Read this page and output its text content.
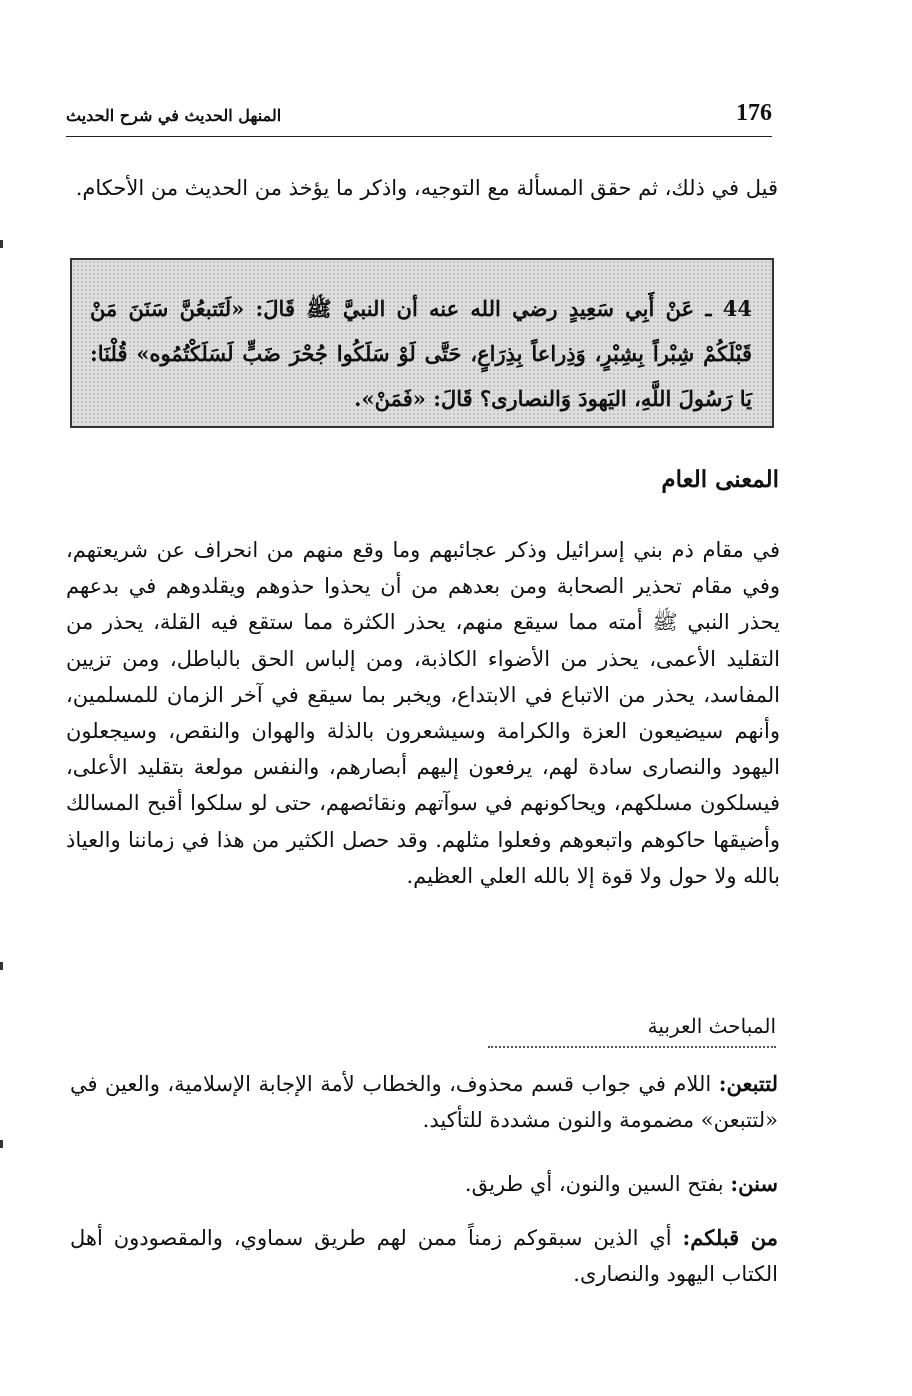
176
المنهل الحديث في شرح الحديث

قيل في ذلك، ثم حقق المسألة مع التوجيه، واذكر ما يؤخذ من الحديث من الأحكام.

44 ـ عَنْ أَبِي سَعِيدٍ رضي الله عنه أن النبيَّ ﷺ قَالَ: «لَتَتبعُنَّ سَنَنَ مَنْ قَبْلَكُمْ شِبْراً بِشِبْرٍ، وَذِراعاً بِذِرَاعٍ، حَتَّى لَوْ سَلَكُوا جُحْرَ ضَبٍّ لَسَلَكْتُمُوه» قُلْنَا: يَا رَسُولَ اللَّهِ، اليَهودَ وَالنصارى؟ قَالَ: «فَمَنْ».

المعنى العام

في مقام ذم بني إسرائيل وذكر عجائبهم وما وقع منهم من انحراف عن شريعتهم، وفي مقام تحذير الصحابة ومن بعدهم من أن يحذوا حذوهم ويقلدوهم في بدعهم يحذر النبي ﷺ أمته مما سيقع منهم، يحذر الكثرة مما ستقع فيه القلة، يحذر من التقليد الأعمى، يحذر من الأضواء الكاذبة، ومن إلباس الحق بالباطل، ومن تزيين المفاسد، يحذر من الاتباع في الابتداع، ويخبر بما سيقع في آخر الزمان للمسلمين، وأنهم سيضيعون العزة والكرامة وسيشعرون بالذلة والهوان والنقص، وسيجعلون اليهود والنصارى سادة لهم، يرفعون إليهم أبصارهم، والنفس مولعة بتقليد الأعلى، فيسلكون مسلكهم، ويحاكونهم في سوآتهم ونقائصهم، حتى لو سلكوا أقبح المسالك وأضيقها حاكوهم واتبعوهم وفعلوا مثلهم. وقد حصل الكثير من هذا في زماننا والعياذ بالله ولا حول ولا قوة إلا بالله العلي العظيم.

المباحث العربية

لتتبعن: اللام في جواب قسم محذوف، والخطاب لأمة الإجابة الإسلامية، والعين في «لتتبعن» مضمومة والنون مشددة للتأكيد.

سنن: بفتح السين والنون، أي طريق.

من قبلكم: أي الذين سبقوكم زمناً ممن لهم طريق سماوي، والمقصودون أهل الكتاب اليهود والنصارى.
